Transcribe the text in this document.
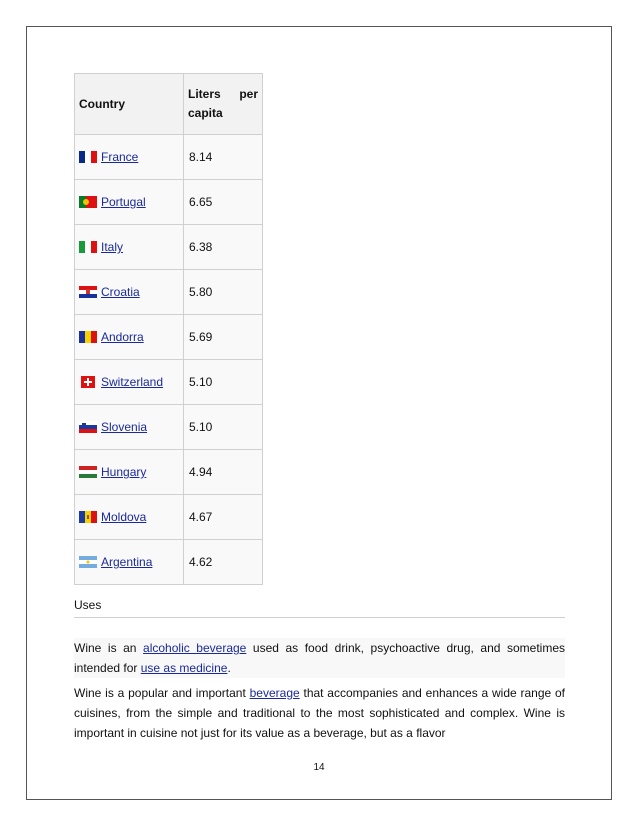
Country	Liters per
capita

France	8.14

Portugal	6.65

Italy	6.38

Croatia	5.80

Andorra	5.69

Switzerland	5.10

Slovenia	5.10

Hungary	4.94

Moldova	4.67

Argentina	4.62
Uses

Wine is an alcoholic beverage used as food drink, psychoactive drug, and sometimes intended for use as medicine.

Wine is a popular and important beverage that accompanies and enhances a wide range of cuisines, from the simple and traditional to the most sophisticated and complex. Wine is important in cuisine not just for its value as a beverage, but as a flavor

14
